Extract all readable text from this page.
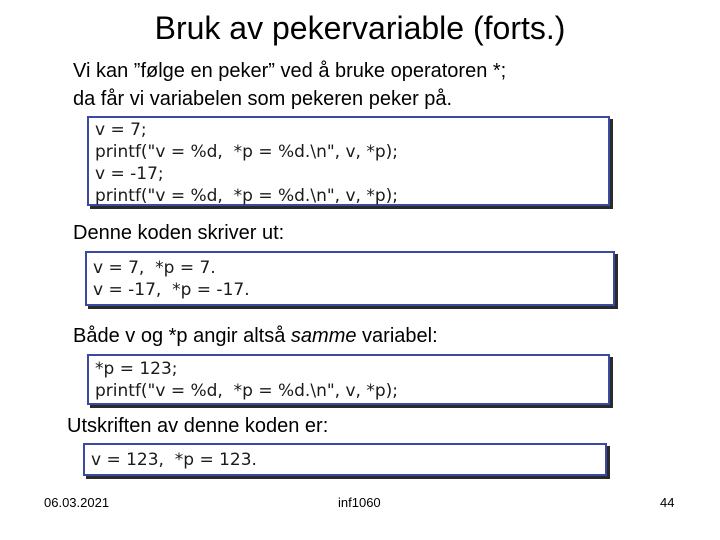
Bruk av pekervariable (forts.)
Vi kan ”følge en peker” ved å bruke operatoren *;
da får vi variabelen som pekeren peker på.
v = 7;
printf("v = %d,  *p = %d.\n", v, *p);
v = -17;
printf("v = %d,  *p = %d.\n", v, *p);
Denne koden skriver ut:
v = 7,  *p = 7.
v = -17,  *p = -17.
Både v og *p angir altså samme variabel:
*p = 123;
printf("v = %d,  *p = %d.\n", v, *p);
Utskriften av denne koden er:
v = 123,  *p = 123.
06.03.2021	inf1060	44
